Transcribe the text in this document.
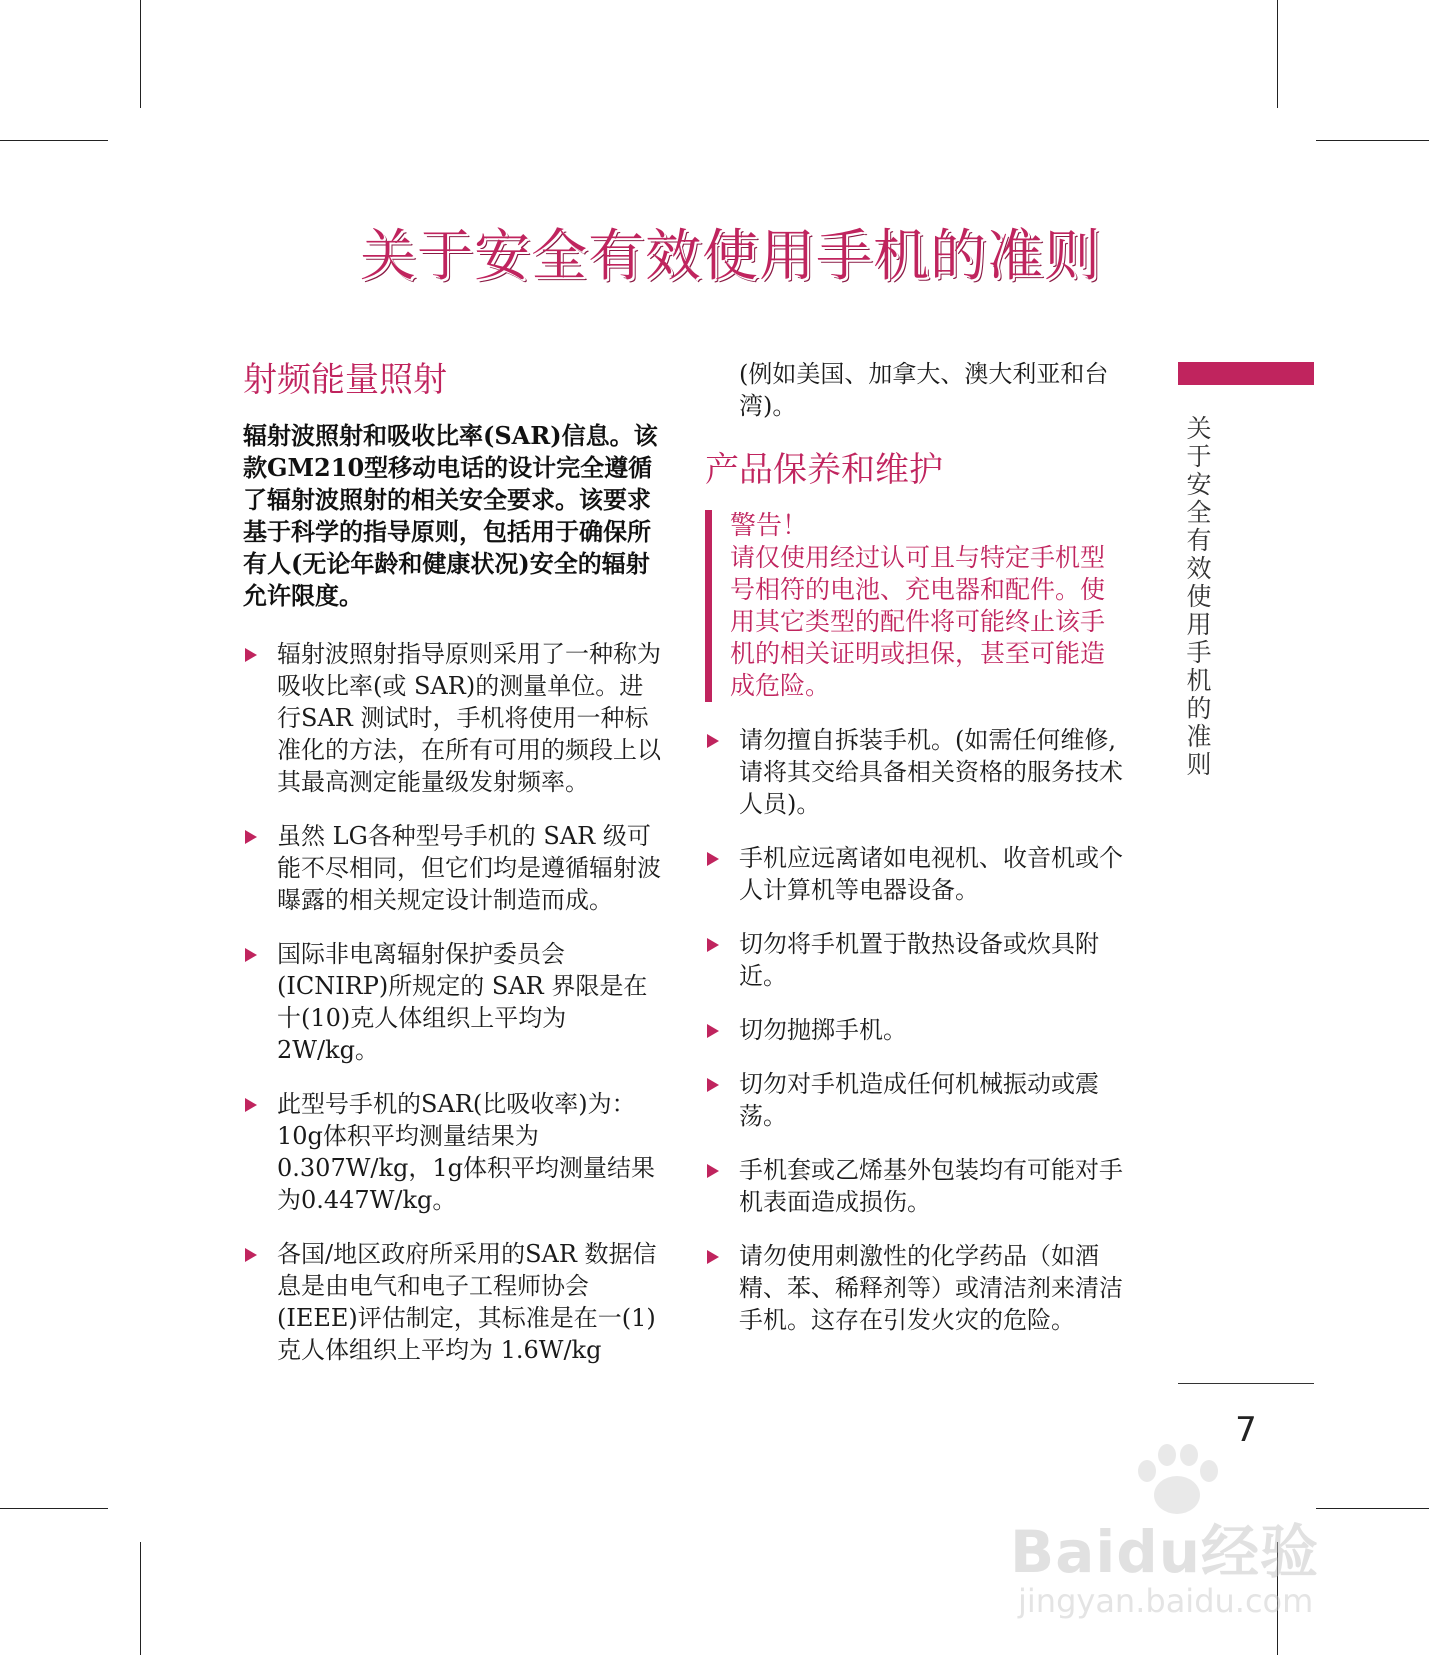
关于安全有效使用手机的准则
射频能量照射
辐射波照射和吸收比率(SAR)信息。该款GM210型移动电话的设计完全遵循了辐射波照射的相关安全要求。该要求基于科学的指导原则，包括用于确保所有人(无论年龄和健康状况)安全的辐射允许限度。
辐射波照射指导原则采用了一种称为吸收比率(或 SAR)的测量单位。进行SAR 测试时，手机将使用一种标准化的方法，在所有可用的频段上以其最高测定能量级发射频率。
虽然 LG各种型号手机的 SAR 级可能不尽相同，但它们均是遵循辐射波曝露的相关规定设计制造而成。
国际非电离辐射保护委员会(ICNIRP)所规定的 SAR 界限是在十(10)克人体组织上平均为2W/kg。
此型号手机的SAR(比吸收率)为：10g体积平均测量结果为0.307W/kg，1g体积平均测量结果为0.447W/kg。
各国/地区政府所采用的SAR 数据信息是由电气和电子工程师协会(IEEE)评估制定，其标准是在一(1)克人体组织上平均为 1.6W/kg
(例如美国、加拿大、澳大利亚和台湾)。
产品保养和维护
警告！
请仅使用经过认可且与特定手机型号相符的电池、充电器和配件。使用其它类型的配件将可能终止该手机的相关证明或担保，甚至可能造成危险。
请勿擅自拆装手机。(如需任何维修,请将其交给具备相关资格的服务技术人员)。
手机应远离诸如电视机、收音机或个人计算机等电器设备。
切勿将手机置于散热设备或炊具附近。
切勿抛掷手机。
切勿对手机造成任何机械振动或震荡。
手机套或乙烯基外包装均有可能对手机表面造成损伤。
请勿使用刺激性的化学药品（如酒精、苯、稀释剂等）或清洁剂来清洁手机。这存在引发火灾的危险。
关于安全有效使用手机的准则
7
Baidu经验
jingyan.baidu.com
